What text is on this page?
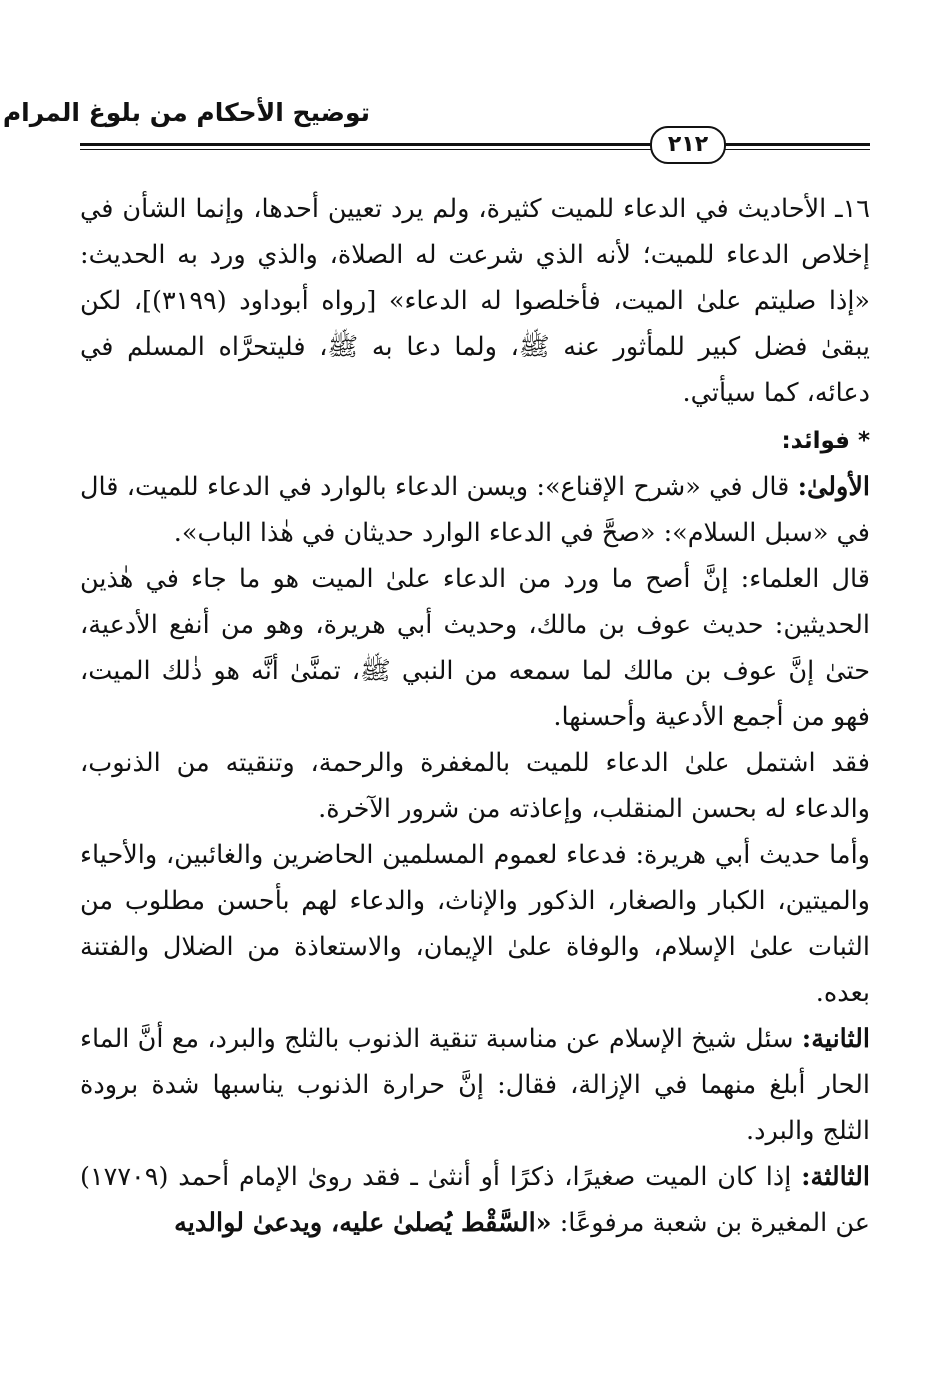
توضيح الأحكام من بلوغ المرام
٢١٢

١٦ـ الأحاديث في الدعاء للميت كثيرة، ولم يرد تعيين أحدها، وإنما الشأن في إخلاص الدعاء للميت؛ لأنه الذي شرعت له الصلاة، والذي ورد به الحديث: «إذا صليتم علىٰ الميت، فأخلصوا له الدعاء» [رواه أبوداود (٣١٩٩)]، لكن يبقىٰ فضل كبير للمأثور عنه ﷺ، ولما دعا به ﷺ، فليتحرَّاه المسلم في دعائه، كما سيأتي.

* فوائد:

الأولىٰ: قال في «شرح الإقناع»: ويسن الدعاء بالوارد في الدعاء للميت، قال في «سبل السلام»: «صحَّ في الدعاء الوارد حديثان في هٰذا الباب».

قال العلماء: إنَّ أصح ما ورد من الدعاء علىٰ الميت هو ما جاء في هٰذين الحديثين: حديث عوف بن مالك، وحديث أبي هريرة، وهو من أنفع الأدعية، حتىٰ إنَّ عوف بن مالك لما سمعه من النبي ﷺ، تمنَّىٰ أنَّه هو ذٰلك الميت، فهو من أجمع الأدعية وأحسنها.

فقد اشتمل علىٰ الدعاء للميت بالمغفرة والرحمة، وتنقيته من الذنوب، والدعاء له بحسن المنقلب، وإعاذته من شرور الآخرة.

وأما حديث أبي هريرة: فدعاء لعموم المسلمين الحاضرين والغائبين، والأحياء والميتين، الكبار والصغار، الذكور والإناث، والدعاء لهم بأحسن مطلوب من الثبات علىٰ الإسلام، والوفاة علىٰ الإيمان، والاستعاذة من الضلال والفتنة بعده.

الثانية: سئل شيخ الإسلام عن مناسبة تنقية الذنوب بالثلج والبرد، مع أنَّ الماء الحار أبلغ منهما في الإزالة، فقال: إنَّ حرارة الذنوب يناسبها شدة برودة الثلج والبرد.

الثالثة: إذا كان الميت صغيرًا، ذكرًا أو أنثىٰ ـ فقد روىٰ الإمام أحمد (١٧٧٠٩) عن المغيرة بن شعبة مرفوعًا: «السَّقْط يُصلىٰ عليه، ويدعىٰ لوالديه
